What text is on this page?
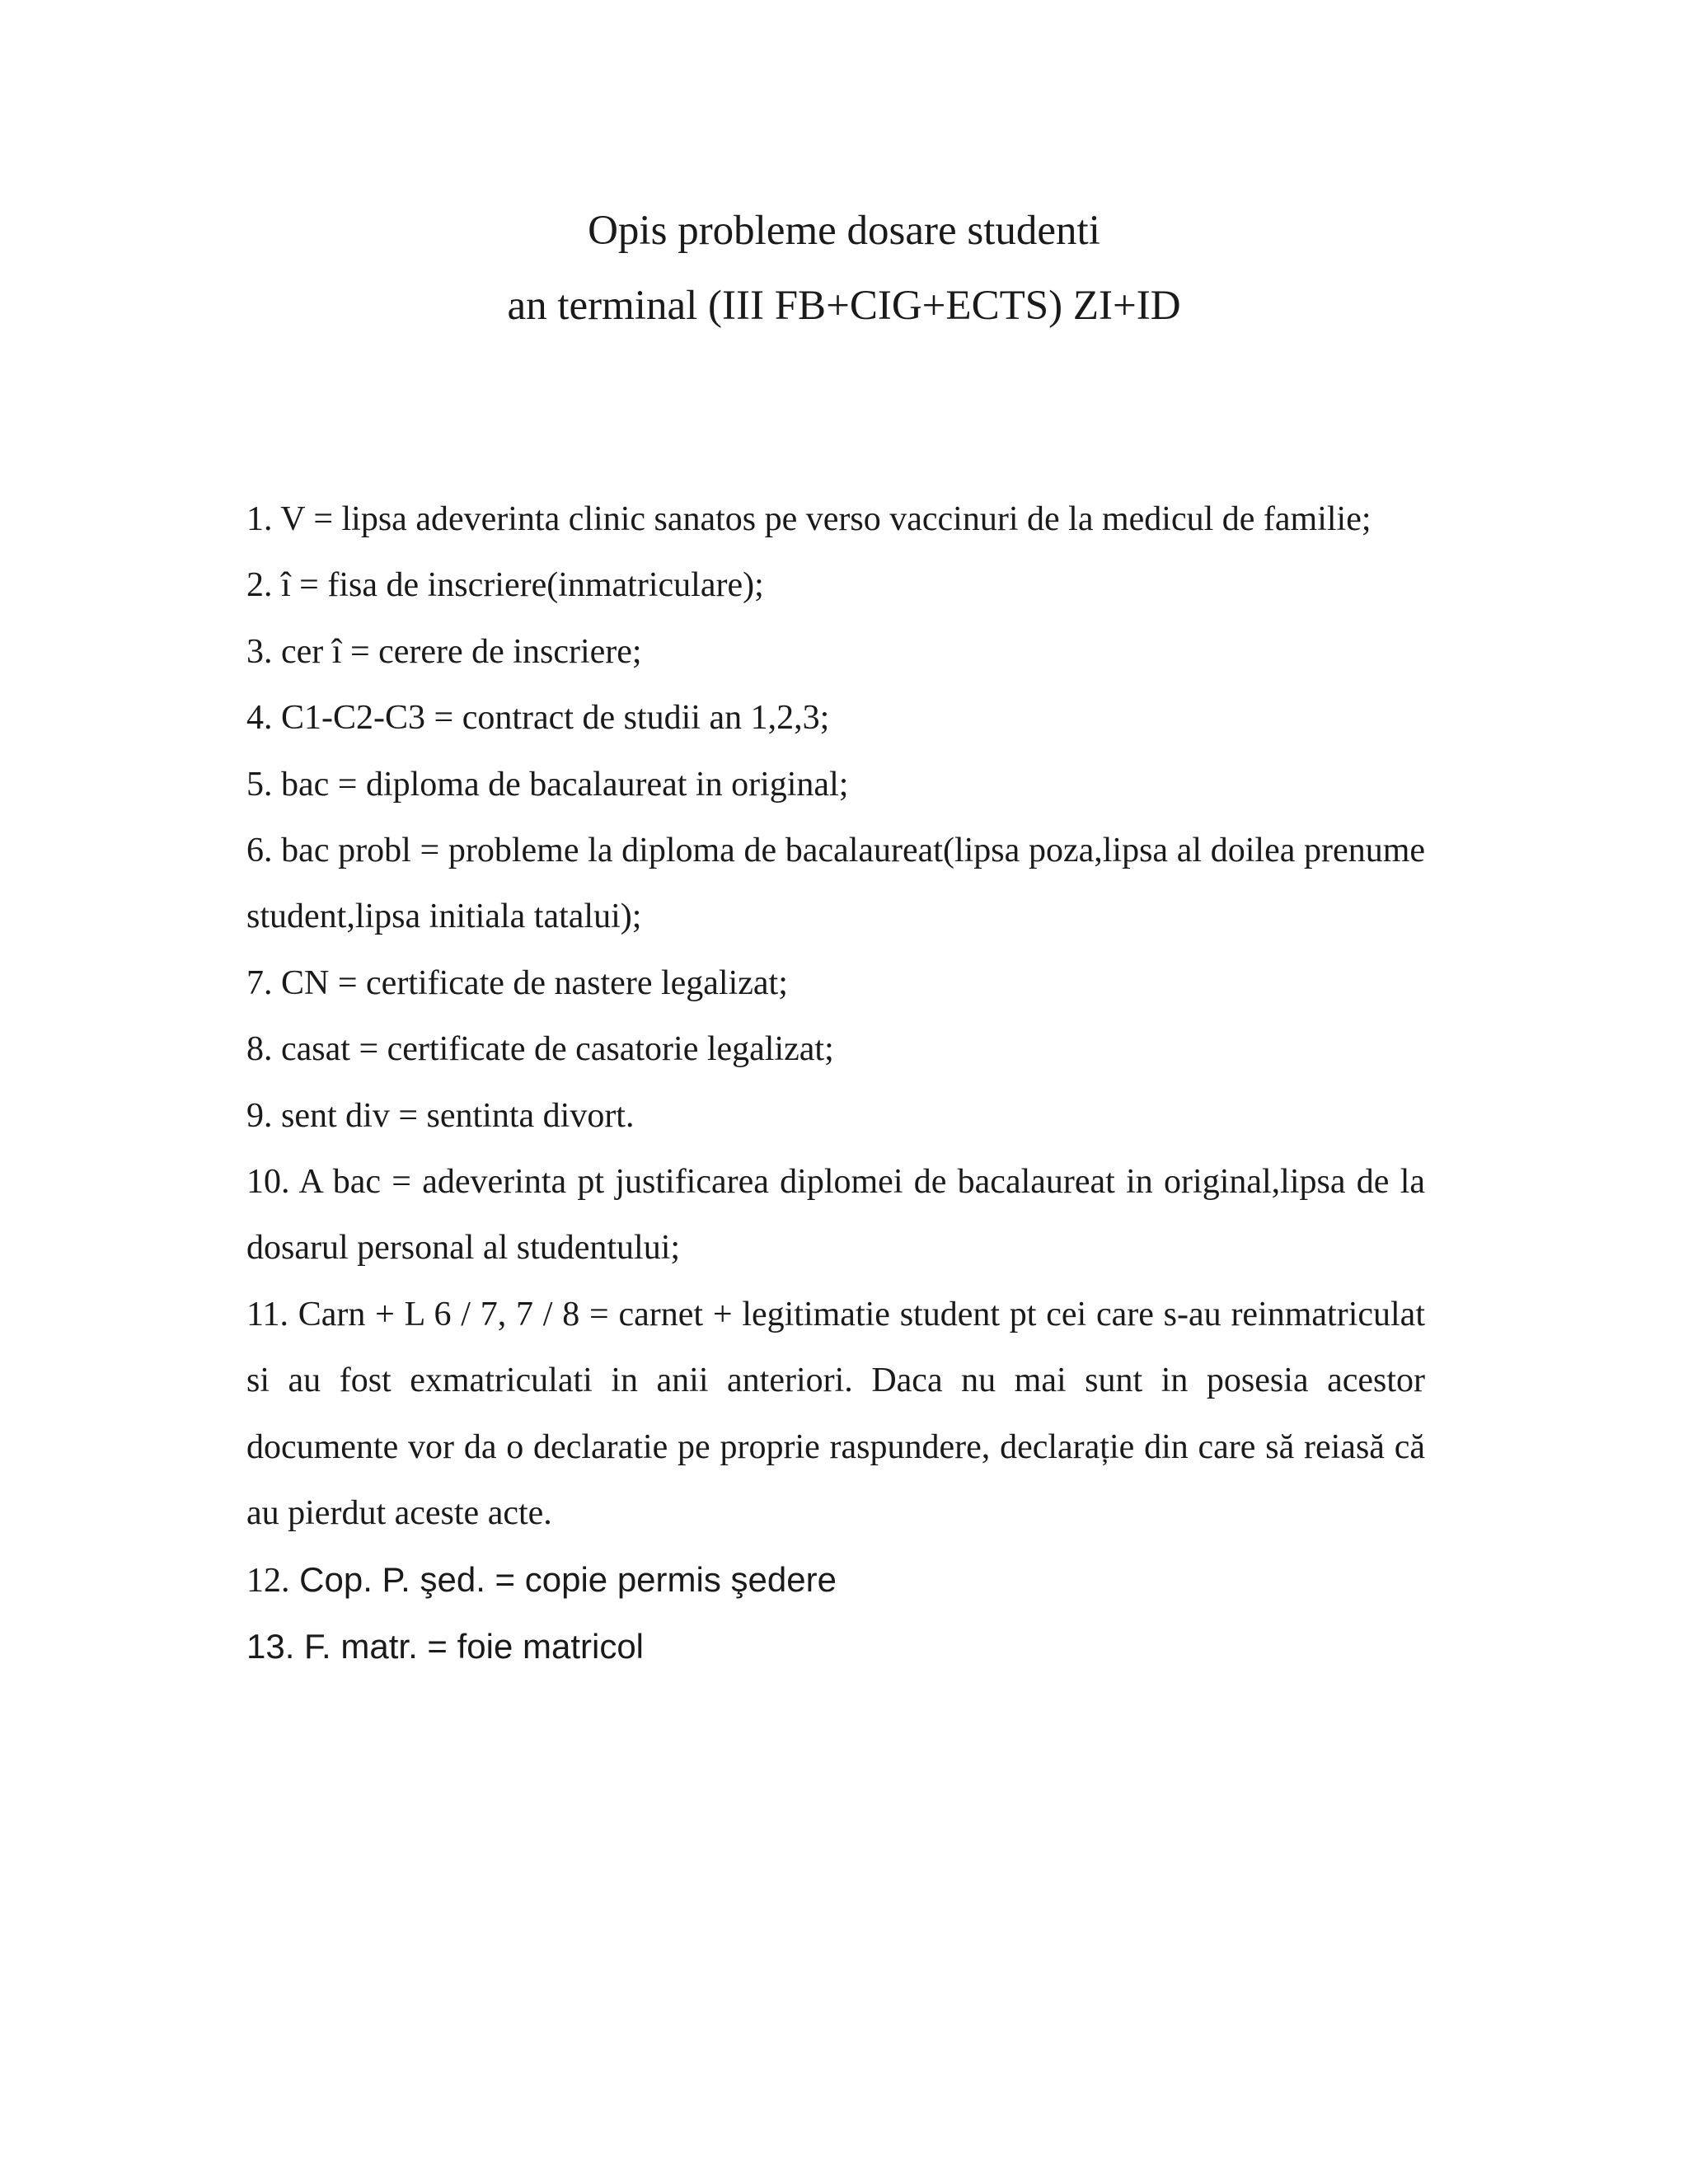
Opis probleme dosare studenti
an terminal (III FB+CIG+ECTS) ZI+ID

1. V = lipsa adeverinta clinic sanatos pe verso vaccinuri de la medicul de familie;

2. î = fisa de inscriere(inmatriculare);

3. cer î = cerere de inscriere;

4. C1-C2-C3 = contract de studii an 1,2,3;

5. bac = diploma de bacalaureat in original;

6. bac probl = probleme la diploma de bacalaureat(lipsa poza,lipsa al doilea prenume student,lipsa initiala tatalui);

7. CN = certificate de nastere legalizat;

8. casat = certificate de casatorie legalizat;

9. sent div = sentinta divort.

10. A bac = adeverinta pt justificarea diplomei de bacalaureat in original,lipsa de la dosarul personal al studentului;

11. Carn + L 6 / 7, 7 / 8 = carnet + legitimatie student pt cei care s-au reinmatriculat si au fost exmatriculati in anii anteriori. Daca nu mai sunt in posesia acestor documente vor da o declaratie pe proprie raspundere, declarație din care să reiasă că au pierdut aceste acte.

12. Cop. P. şed. = copie permis şedere

13. F. matr. = foie matricol
